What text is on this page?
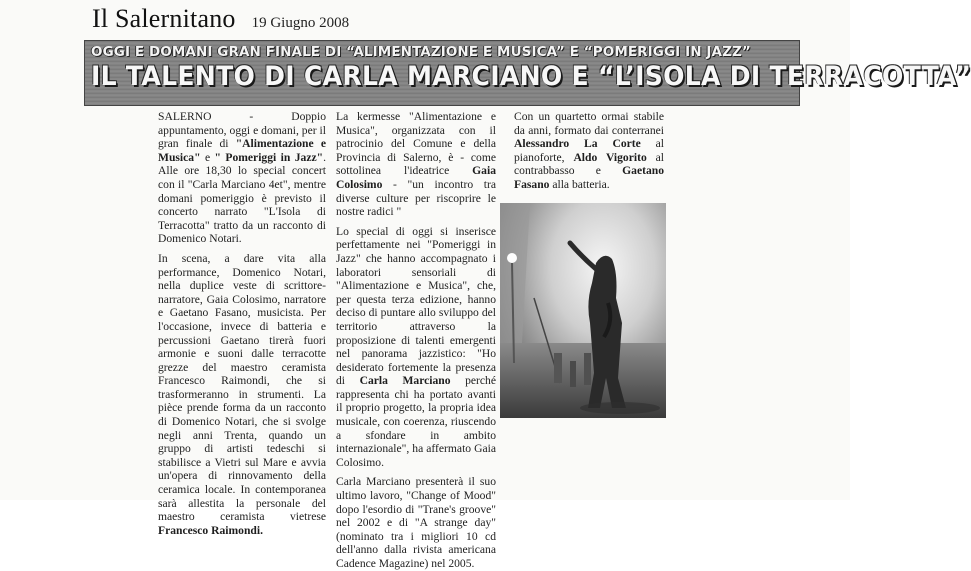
Il Salernitano 19 Giugno 2008
OGGI E DOMANI GRAN FINALE DI “ALIMENTAZIONE E MUSICA” E “POMERIGGI IN JAZZ”
IL TALENTO DI CARLA MARCIANO E “L’ISOLA DI TERRACOTTA”

SALERNO - Doppio appuntamento, oggi e domani, per il gran finale di "Alimentazione e Musica" e " Pomeriggi in Jazz". Alle ore 18,30 lo special concert con il "Carla Marciano 4et", mentre domani pomeriggio è previsto il concerto narrato "L'Isola di Terracotta" tratto da un racconto di Domenico Notari.

In scena, a dare vita alla performance, Domenico Notari, nella duplice veste di scrittore-narratore, Gaia Colosimo, narratore e Gaetano Fasano, musicista. Per l'occasione, invece di batteria e percussioni Gaetano tirerà fuori armonie e suoni dalle terracotte grezze del maestro ceramista Francesco Raimondi, che si trasformeranno in strumenti. La pièce prende forma da un racconto di Domenico Notari, che si svolge negli anni Trenta, quando un gruppo di artisti tedeschi si stabilisce a Vietri sul Mare e avvia un'opera di rinnovamento della ceramica locale. In contemporanea sarà allestita la personale del maestro ceramista vietrese Francesco Raimondi.

La kermesse "Alimentazione e Musica", organizzata con il patrocinio del Comune e della Provincia di Salerno, è - come sottolinea l'ideatrice Gaia Colosimo - "un incontro tra diverse culture per riscoprire le nostre radici "

Lo special di oggi si inserisce perfettamente nei "Pomeriggi in Jazz" che hanno accompagnato i laboratori sensoriali di "Alimentazione e Musica", che, per questa terza edizione, hanno deciso di puntare allo sviluppo del territorio attraverso la proposizione di talenti emergenti nel panorama jazzistico: "Ho desiderato fortemente la presenza di Carla Marciano perché rappresenta chi ha portato avanti il proprio progetto, la propria idea musicale, con coerenza, riuscendo a sfondare in ambito internazionale", ha affermato Gaia Colosimo.

Carla Marciano presenterà il suo ultimo lavoro, "Change of Mood" dopo l'esordio di "Trane's groove" nel 2002 e di "A strange day" (nominato tra i migliori 10 cd dell'anno dalla rivista americana Cadence Magazine) nel 2005.

Con un quartetto ormai stabile da anni, formato dai conterranei Alessandro La Corte al pianoforte, Aldo Vigorito al contrabbasso e Gaetano Fasano alla batteria.
